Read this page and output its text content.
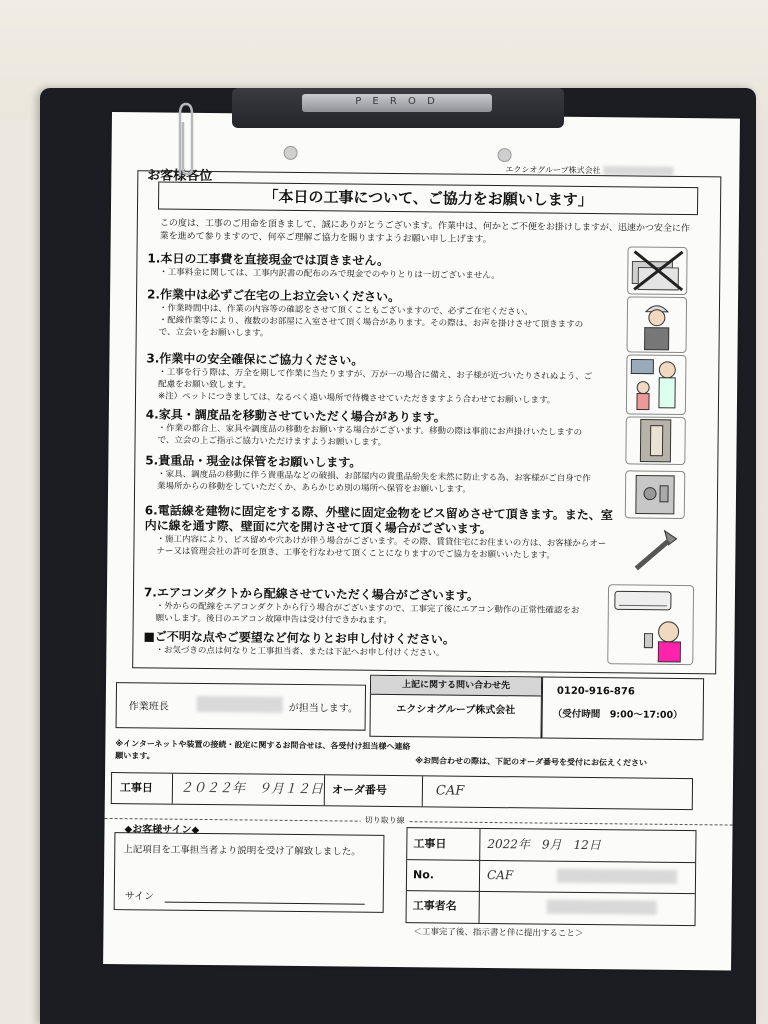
P E R O D
お客様各位	エクシオグループ株式会社
「本日の工事について、ご協力をお願いします」
この度は、工事のご用命を頂きまして、誠にありがとうございます。作業中は、何かとご不便をお掛けしますが、迅速かつ安全に作業を進めて参りますので、何卒ご理解ご協力を賜りますようお願い申し上げます。
1.本日の工事費を直接現金では頂きません。

・工事料金に関しては、工事内訳書の配布のみで現金でのやりとりは一切ございません。

2.作業中は必ずご在宅の上お立会いください。

・作業時間中は、作業の内容等の確認をさせて頂くこともございますので、必ずご在宅ください。
・配線作業等により、複数のお部屋に入室させて頂く場合があります。その際は、お声を掛けさせて頂きますので、立会いをお願いします。

3.作業中の安全確保にご協力ください。

・工事を行う際は、万全を期して作業に当たりますが、万が一の場合に備え、お子様が近づいたりされぬよう、ご配慮をお願い致します。
※注）ペットにつきましては、なるべく遠い場所で待機させていただきますよう合わせてお願いします。

4.家具・調度品を移動させていただく場合があります。

・作業の都合上、家具や調度品の移動をお願いする場合がございます。移動の際は事前にお声掛けいたしますので、立会の上ご指示ご協力いただけますようお願いします。

5.貴重品・現金は保管をお願いします。

・家具、調度品の移動に伴う貴重品などの破損、お部屋内の貴重品紛失を未然に防止する為、お客様がご自身で作業場所からの移動をしていただくか、あらかじめ別の場所へ保管をお願いします。

6.電話線を建物に固定をする際、外壁に固定金物をビス留めさせて頂きます。また、室内に線を通す際、壁面に穴を開けさせて頂く場合がございます。

・施工内容により、ビス留めや穴あけが伴う場合がございます。その際、賃貸住宅にお住まいの方は、お客様からオーナー又は管理会社の許可を頂き、工事を行なわせて頂くことになりますのでご協力をお願いいたします。

7.エアコンダクトから配線させていただく場合がございます。

・外からの配線をエアコンダクトから行う場合がございますので、工事完了後にエアコン動作の正常性確認をお願いします。後日のエアコン故障申告は受け付できかねます。

■ご不明な点やご要望など何なりとお申し付けください。

・お気づきの点は何なりと工事担当者、または下記へお申し付けください。

作業班長	が担当します。
上記に関する問い合わせ先
エクシオグループ株式会社
0120-916-876
（受付時間　9:00〜17:00）
※インターネットや装置の接続・設定に関するお問合せは、各受付け担当様へ連絡願います。
※お問合わせの際は、下記のオーダ番号を受付にお伝えください
工事日 ２０２２年　９月１２日 オーダ番号	CAF
切り取り線
◆お客様サイン◆
上記項目を工事担当者より説明を受け了解致しました。
サイン
工事日	2022年　9月　12日
No.	CAF
工事者名
＜工事完了後、指示書と伴に提出すること＞
